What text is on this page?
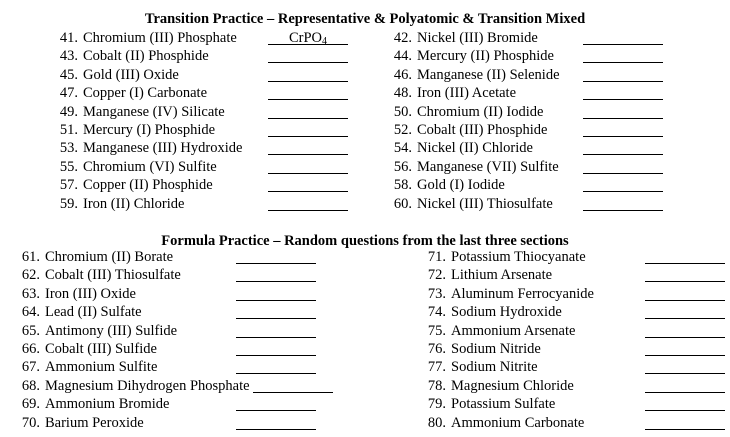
Transition Practice – Representative & Polyatomic & Transition Mixed
41. Chromium (III) Phosphate	CrPO$_4$
43. Cobalt (II) Phosphide
45. Gold (III) Oxide
47. Copper (I) Carbonate
49. Manganese (IV) Silicate
51. Mercury (I) Phosphide
53. Manganese (III) Hydroxide
55. Chromium (VI) Sulfite
57. Copper (II) Phosphide
59. Iron (II) Chloride
42. Nickel (III) Bromide
44. Mercury (II) Phosphide
46. Manganese (II) Selenide
48. Iron (III) Acetate
50. Chromium (II) Iodide
52. Cobalt (III) Phosphide
54. Nickel (II) Chloride
56. Manganese (VII) Sulfite
58. Gold (I) Iodide
60. Nickel (III) Thiosulfate
Formula Practice – Random questions from the last three sections
61. Chromium (II) Borate
62. Cobalt (III) Thiosulfate
63. Iron (III) Oxide
64. Lead (II) Sulfate
65. Antimony (III) Sulfide
66. Cobalt (III) Sulfide
67. Ammonium Sulfite
68. Magnesium Dihydrogen Phosphate
69. Ammonium Bromide
70. Barium Peroxide
71. Potassium Thiocyanate
72. Lithium Arsenate
73. Aluminum Ferrocyanide
74. Sodium Hydroxide
75. Ammonium Arsenate
76. Sodium Nitride
77. Sodium Nitrite
78. Magnesium Chloride
79. Potassium Sulfate
80. Ammonium Carbonate
